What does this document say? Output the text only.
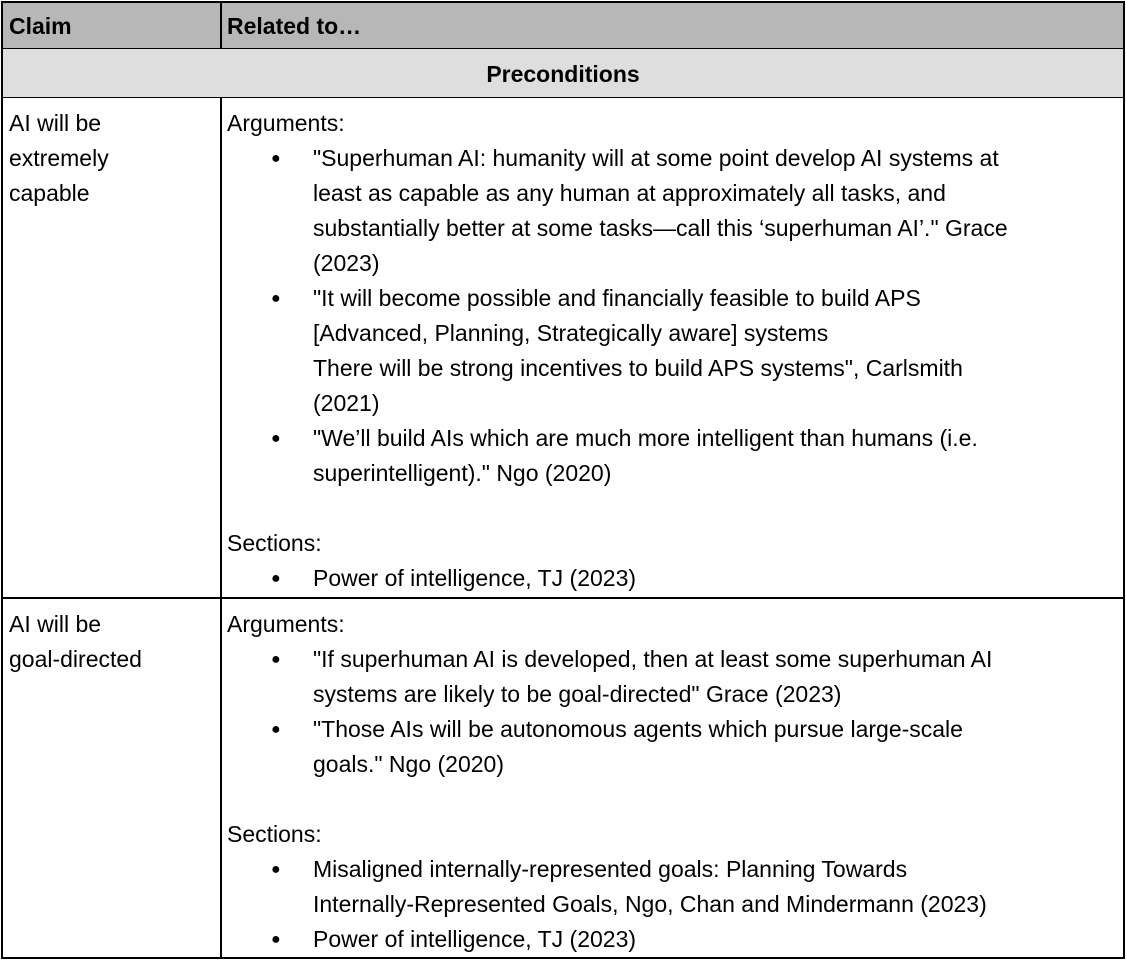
Claim	Related to…
Preconditions
AI will be
extremely
capable
Arguments:
● "Superhuman AI: humanity will at some point develop AI systems at
least as capable as any human at approximately all tasks, and
substantially better at some tasks—call this ‘superhuman AI’." Grace
(2023)
● "It will become possible and financially feasible to build APS
[Advanced, Planning, Strategically aware] systems
There will be strong incentives to build APS systems", Carlsmith
(2021)
● "We’ll build AIs which are much more intelligent than humans (i.e.
superintelligent)." Ngo (2020)
Sections:
● Power of intelligence, TJ (2023)
AI will be
goal-directed
Arguments:
● "If superhuman AI is developed, then at least some superhuman AI
systems are likely to be goal-directed" Grace (2023)
● "Those AIs will be autonomous agents which pursue large-scale
goals." Ngo (2020)
Sections:
● Misaligned internally-represented goals: Planning Towards
Internally-Represented Goals, Ngo, Chan and Mindermann (2023)
● Power of intelligence, TJ (2023)
